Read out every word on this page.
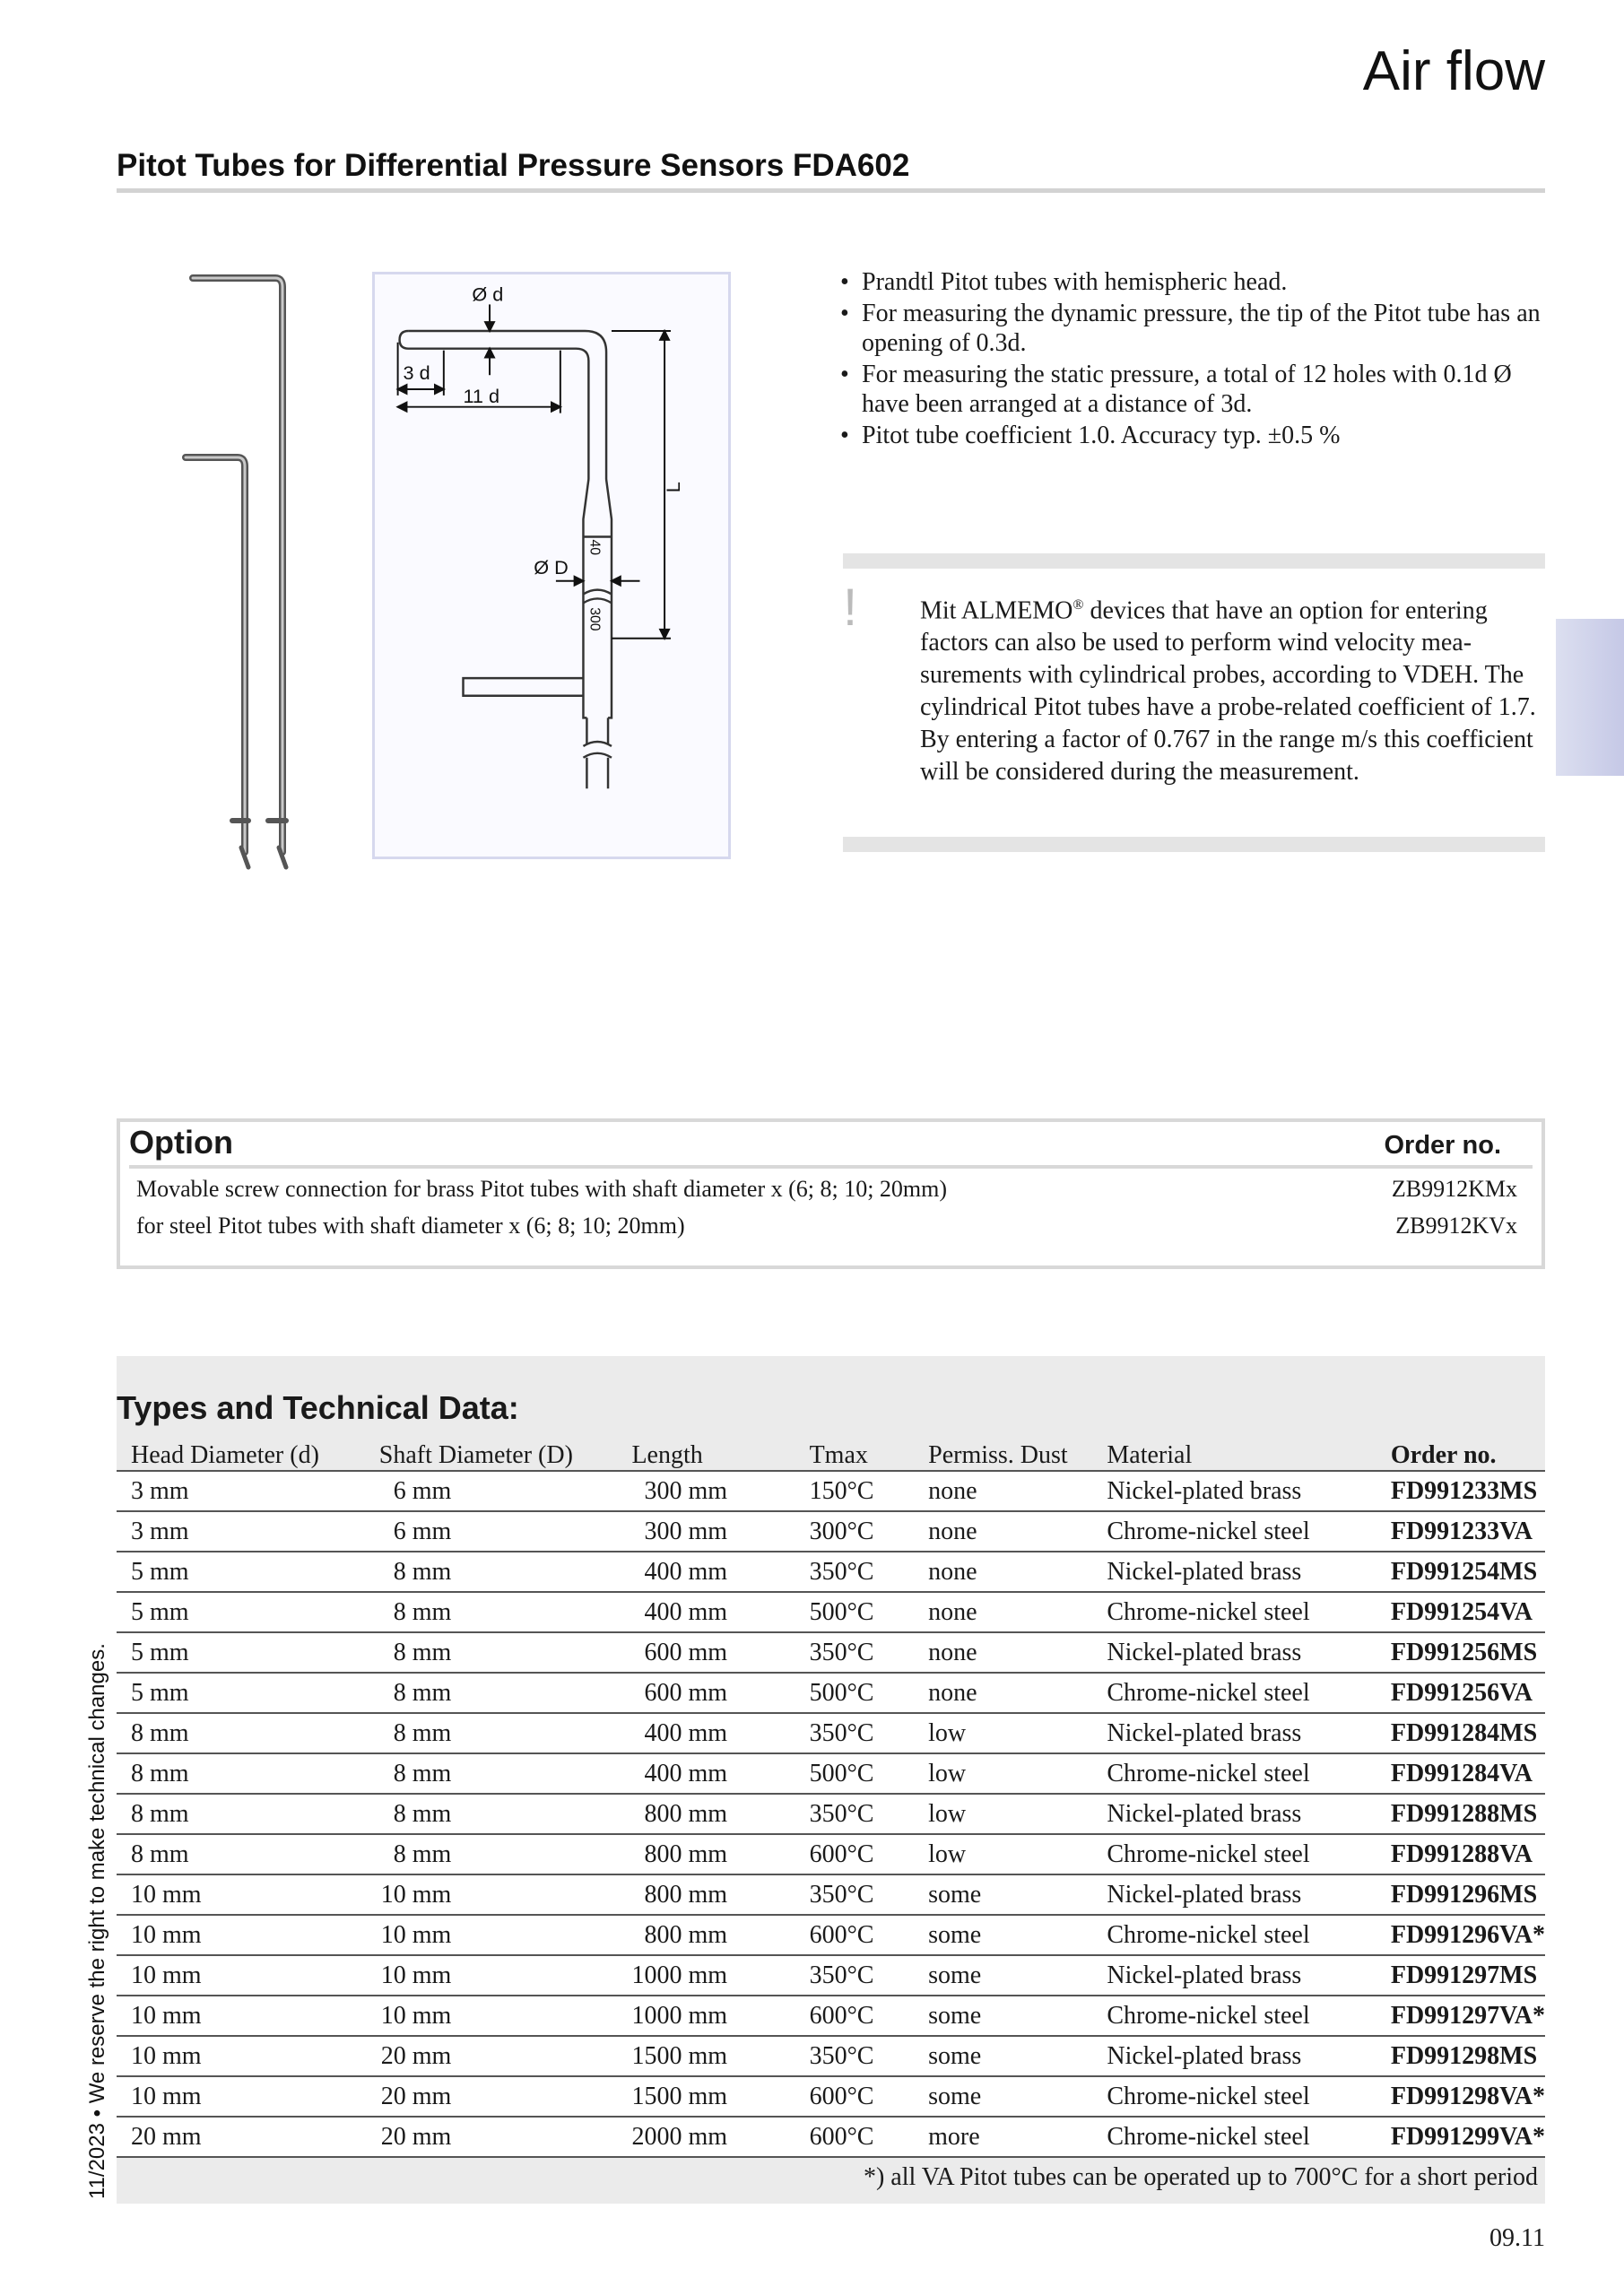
Air flow
Pitot Tubes for Differential Pressure Sensors FDA602
Ø d
3 d
11 d
Ø D
L
40
300
• Prandtl Pitot tubes with hemispheric head.
• For measuring the dynamic pressure, the tip of the Pitot tube has an opening of 0.3d.
• For measuring the static pressure, a total of 12 holes with 0.1d Ø have been arranged at a distance of 3d.
• Pitot tube coefficient 1.0. Accuracy typ. ±0.5 %
! Mit ALMEMO® devices that have an option for entering factors can also be used to perform wind velocity measurements with cylindrical probes, according to VDEH. The cylindrical Pitot tubes have a probe-related coefficient of 1.7. By entering a factor of 0.767 in the range m/s this coefficient will be considered during the measurement.

Option	Order no.
Movable screw connection for brass Pitot tubes with shaft diameter x (6; 8; 10; 20mm)	ZB9912KMx
for steel Pitot tubes with shaft diameter x (6; 8; 10; 20mm)	ZB9912KVx
Types and Technical Data:
Head Diameter (d)	Shaft Diameter (D)	Length	Tmax	Permiss. Dust	Material	Order no.
3 mm	6 mm	300 mm	150°C	none	Nickel-plated brass	FD991233MS
3 mm	6 mm	300 mm	300°C	none	Chrome-nickel steel	FD991233VA
5 mm	8 mm	400 mm	350°C	none	Nickel-plated brass	FD991254MS
5 mm	8 mm	400 mm	500°C	none	Chrome-nickel steel	FD991254VA
5 mm	8 mm	600 mm	350°C	none	Nickel-plated brass	FD991256MS
5 mm	8 mm	600 mm	500°C	none	Chrome-nickel steel	FD991256VA
8 mm	8 mm	400 mm	350°C	low	Nickel-plated brass	FD991284MS
8 mm	8 mm	400 mm	500°C	low	Chrome-nickel steel	FD991284VA
8 mm	8 mm	800 mm	350°C	low	Nickel-plated brass	FD991288MS
8 mm	8 mm	800 mm	600°C	low	Chrome-nickel steel	FD991288VA
10 mm	10 mm	800 mm	350°C	some	Nickel-plated brass	FD991296MS
10 mm	10 mm	800 mm	600°C	some	Chrome-nickel steel	FD991296VA*
10 mm	10 mm	1000 mm	350°C	some	Nickel-plated brass	FD991297MS
10 mm	10 mm	1000 mm	600°C	some	Chrome-nickel steel	FD991297VA*
10 mm	20 mm	1500 mm	350°C	some	Nickel-plated brass	FD991298MS
10 mm	20 mm	1500 mm	600°C	some	Chrome-nickel steel	FD991298VA*
20 mm	20 mm	2000 mm	600°C	more	Chrome-nickel steel	FD991299VA*
*) all VA Pitot tubes can be operated up to 700°C for a short period
09.11
11/2023 • We reserve the right to make technical changes.
